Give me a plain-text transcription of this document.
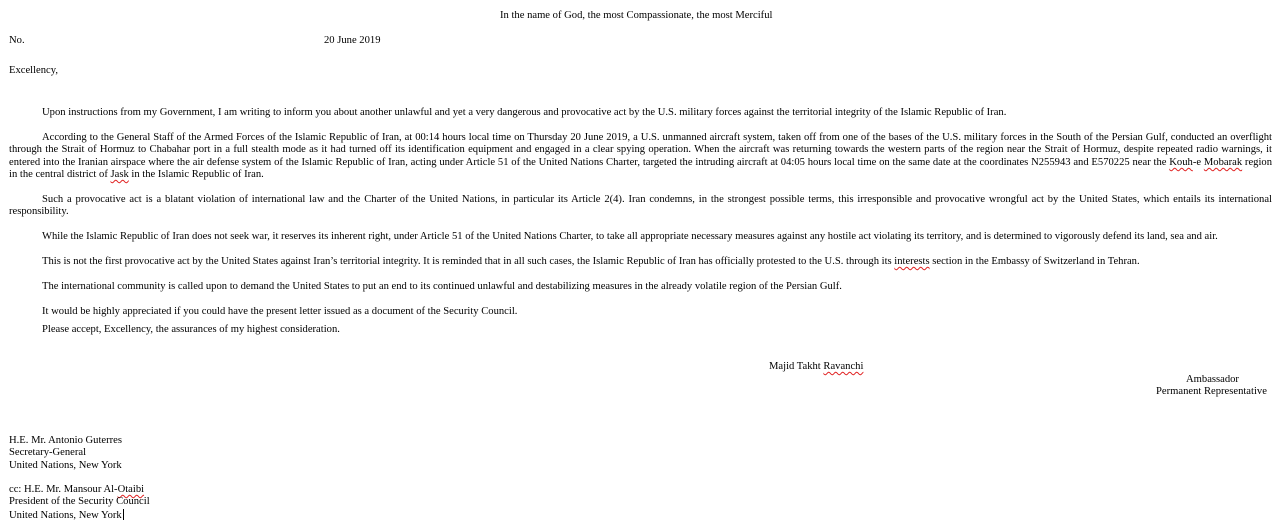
In the name of God, the most Compassionate, the most Merciful
No.	20 June 2019
Excellency,
Upon instructions from my Government, I am writing to inform you about another unlawful and yet a very dangerous and provocative act by the U.S. military forces against the territorial integrity of the Islamic Republic of Iran.
According to the General Staff of the Armed Forces of the Islamic Republic of Iran, at 00:14 hours local time on Thursday 20 June 2019, a U.S. unmanned aircraft system, taken off from one of the bases of the U.S. military forces in the South of the Persian Gulf, conducted an overflight through the Strait of Hormuz to Chabahar port in a full stealth mode as it had turned off its identification equipment and engaged in a clear spying operation. When the aircraft was returning towards the western parts of the region near the Strait of Hormuz, despite repeated radio warnings, it entered into the Iranian airspace where the air defense system of the Islamic Republic of Iran, acting under Article 51 of the United Nations Charter, targeted the intruding aircraft at 04:05 hours local time on the same date at the coordinates N255943 and E570225 near the Kouh-e Mobarak region in the central district of Jask in the Islamic Republic of Iran.
Such a provocative act is a blatant violation of international law and the Charter of the United Nations, in particular its Article 2(4). Iran condemns, in the strongest possible terms, this irresponsible and provocative wrongful act by the United States, which entails its international responsibility.
While the Islamic Republic of Iran does not seek war, it reserves its inherent right, under Article 51 of the United Nations Charter, to take all appropriate necessary measures against any hostile act violating its territory, and is determined to vigorously defend its land, sea and air.
This is not the first provocative act by the United States against Iran’s territorial integrity. It is reminded that in all such cases, the Islamic Republic of Iran has officially protested to the U.S. through its interests section in the Embassy of Switzerland in Tehran.
The international community is called upon to demand the United States to put an end to its continued unlawful and destabilizing measures in the already volatile region of the Persian Gulf.
It would be highly appreciated if you could have the present letter issued as a document of the Security Council.
Please accept, Excellency, the assurances of my highest consideration.
Majid Takht Ravanchi
Ambassador
Permanent Representative
H.E. Mr. Antonio Guterres
Secretary-General
United Nations, New York
cc: H.E. Mr. Mansour Al-Otaibi
President of the Security Council
United Nations, New York
